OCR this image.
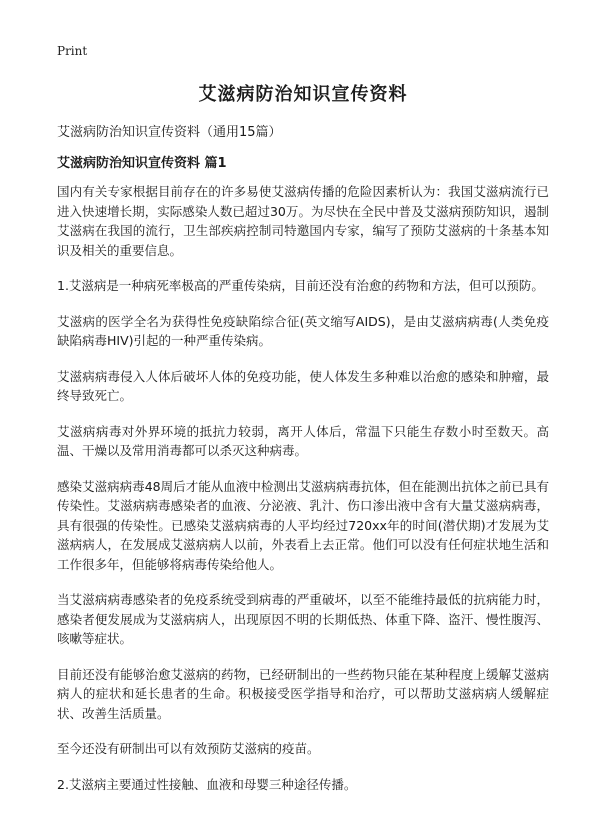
Print
艾滋病防治知识宣传资料

艾滋病防治知识宣传资料（通用15篇）

艾滋病防治知识宣传资料 篇1

国内有关专家根据目前存在的许多易使艾滋病传播的危险因素析认为：我国艾滋病流行已进入快速增长期，实际感染人数已超过30万。为尽快在全民中普及艾滋病预防知识，遏制艾滋病在我国的流行，卫生部疾病控制司特邀国内专家，编写了预防艾滋病的十条基本知识及相关的重要信息。

1.艾滋病是一种病死率极高的严重传染病，目前还没有治愈的药物和方法，但可以预防。

艾滋病的医学全名为获得性免疫缺陷综合征(英文缩写AIDS)，是由艾滋病病毒(人类免疫缺陷病毒HIV)引起的一种严重传染病。

艾滋病病毒侵入人体后破坏人体的免疫功能，使人体发生多种难以治愈的感染和肿瘤，最终导致死亡。

艾滋病病毒对外界环境的抵抗力较弱，离开人体后，常温下只能生存数小时至数天。高温、干燥以及常用消毒都可以杀灭这种病毒。

感染艾滋病病毒48周后才能从血液中检测出艾滋病病毒抗体，但在能测出抗体之前已具有传染性。艾滋病病毒感染者的血液、分泌液、乳汁、伤口渗出液中含有大量艾滋病病毒，具有很强的传染性。已感染艾滋病病毒的人平均经过720xx年的时间(潜伏期)才发展为艾滋病病人，在发展成艾滋病病人以前，外表看上去正常。他们可以没有任何症状地生活和工作很多年，但能够将病毒传染给他人。

当艾滋病病毒感染者的免疫系统受到病毒的严重破坏，以至不能维持最低的抗病能力时，感染者便发展成为艾滋病病人，出现原因不明的长期低热、体重下降、盗汗、慢性腹泻、咳嗽等症状。

目前还没有能够治愈艾滋病的药物，已经研制出的一些药物只能在某种程度上缓解艾滋病病人的症状和延长患者的生命。积极接受医学指导和治疗，可以帮助艾滋病病人缓解症状、改善生活质量。

至今还没有研制出可以有效预防艾滋病的疫苗。

2.艾滋病主要通过性接触、血液和母婴三种途径传播。
